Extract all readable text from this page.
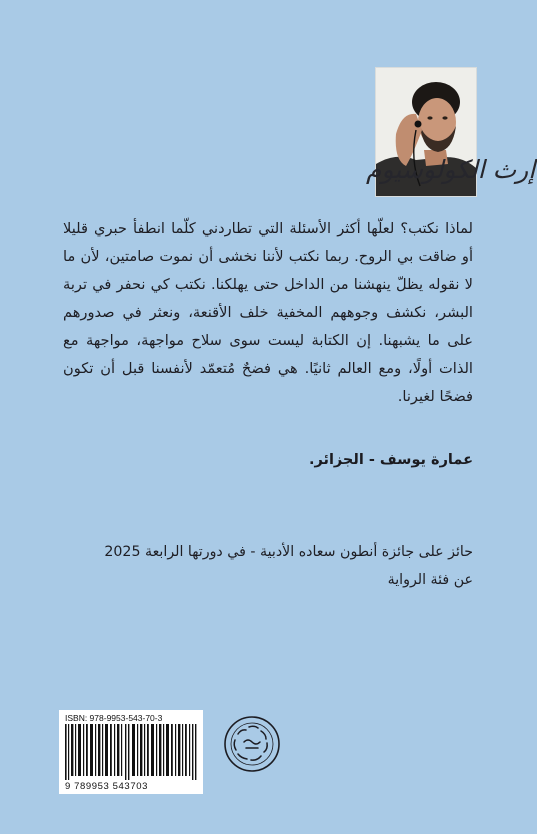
إرث الكولوسيوم
لماذا نكتب؟ لعلّها أكثر الأسئلة التي تطاردني كلّما انطفأ حبري قليلا أو ضاقت بي الروح. ربما نكتب لأننا نخشى أن نموت صامتين، لأن ما لا نقوله يظلّ ينهشنا من الداخل حتى يهلكنا. نكتب كي نحفر في تربة البشر، نكشف وجوههم المخفية خلف الأقنعة، ونعثر في صدورهم على ما يشبهنا. إن الكتابة ليست سوى سلاح مواجهة، مواجهة مع الذات أولًا، ومع العالم ثانيًا. هي فضحٌ مُتعمّد لأنفسنا قبل أن تكون فضحًا لغيرنا.
عمارة يوسف - الجزائر.
حائز على جائزة أنطون سعاده الأدبية - في دورتها الرابعة 2025
عن فئة الرواية
ISBN: 978-9953-543-70-3
9 789953 543703
